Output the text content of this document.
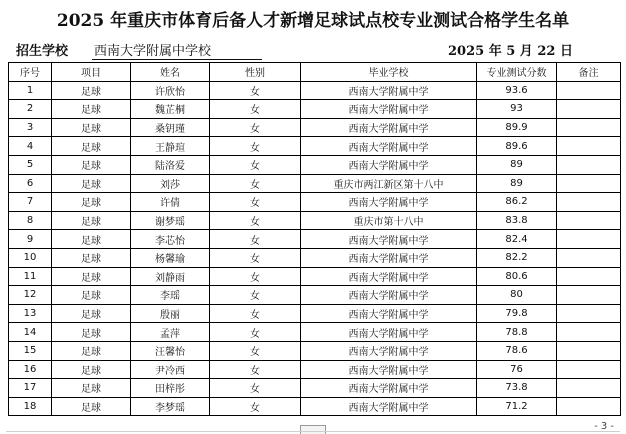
2025 年重庆市体育后备人才新增足球试点校专业测试合格学生名单
招生学校 西南大学附属中学校	2025 年 5 月 22 日
序号	项目	姓名	性别	毕业学校	专业测试分数	备注
1	足球	许欣怡	女	西南大学附属中学	93.6	
2	足球	魏芷桐	女	西南大学附属中学	93	
3	足球	桑钥瑾	女	西南大学附属中学	89.9	
4	足球	王静瑄	女	西南大学附属中学	89.6	
5	足球	陆洛爱	女	西南大学附属中学	89	
6	足球	刘莎	女	重庆市两江新区第十八中	89	
7	足球	许倩	女	西南大学附属中学	86.2	
8	足球	谢梦瑶	女	重庆市第十八中	83.8	
9	足球	李芯怡	女	西南大学附属中学	82.4	
10	足球	杨馨瑜	女	西南大学附属中学	82.2	
11	足球	刘静雨	女	西南大学附属中学	80.6	
12	足球	李瑶	女	西南大学附属中学	80	
13	足球	殷丽	女	西南大学附属中学	79.8	
14	足球	孟萍	女	西南大学附属中学	78.8	
15	足球	汪馨怡	女	西南大学附属中学	78.6	
16	足球	尹冷西	女	西南大学附属中学	76	
17	足球	田梓彤	女	西南大学附属中学	73.8	
18	足球	李梦瑶	女	西南大学附属中学	71.2	
- 3 -
